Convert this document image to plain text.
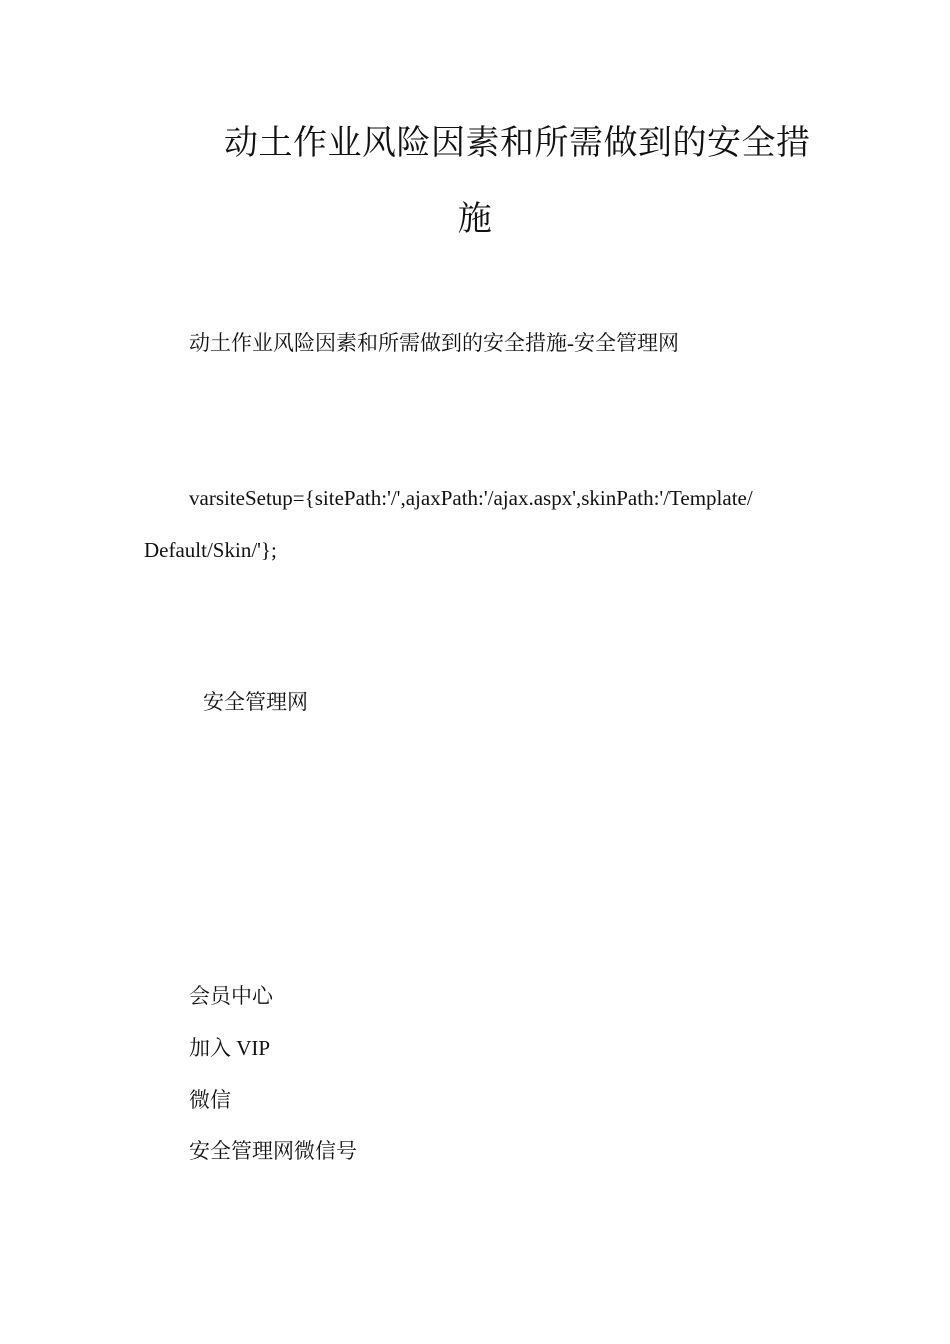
动土作业风险因素和所需做到的安全措
施
动土作业风险因素和所需做到的安全措施-安全管理网
varsiteSetup={sitePath:'/',ajaxPath:'/ajax.aspx',skinPath:'/Template/
Default/Skin/'};
安全管理网
会员中心
加入 VIP
微信
安全管理网微信号
